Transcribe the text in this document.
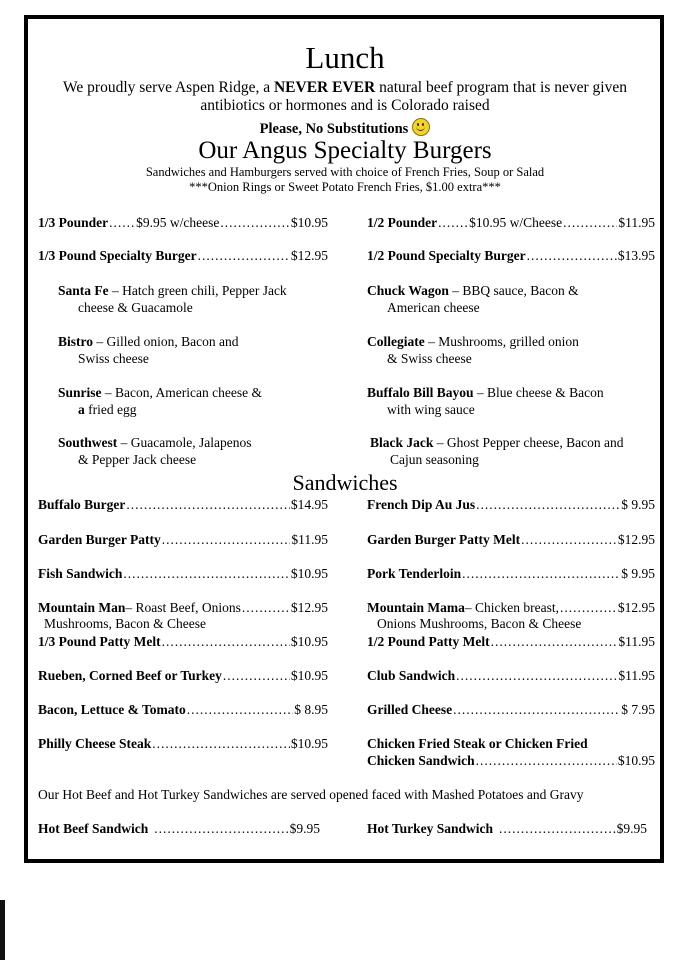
Lunch
We proudly serve Aspen Ridge, a NEVER EVER natural beef program that is never given
antibiotics or hormones and is Colorado raised
Please, No Substitutions
Our Angus Specialty Burgers
Sandwiches and Hamburgers served with choice of French Fries, Soup or Salad
***Onion Rings or Sweet Potato French Fries, $1.00 extra***
1/3 Pounder ..... $9.95 w/cheese .....	$10.95	1/2 Pounder ..... $10.95 w/Cheese .....	$11.95
1/3 Pound Specialty Burger .....	$12.95	1/2 Pound Specialty Burger .....	$13.95
Santa Fe – Hatch green chili, Pepper Jack
cheese & Guacamole
Chuck Wagon – BBQ sauce, Bacon &
American cheese
Bistro – Gilled onion, Bacon and
Swiss cheese
Collegiate – Mushrooms, grilled onion
& Swiss cheese
Sunrise – Bacon, American cheese &
a fried egg
Buffalo Bill Bayou – Blue cheese & Bacon
with wing sauce
Southwest – Guacamole, Jalapenos
& Pepper Jack cheese
Black Jack – Ghost Pepper cheese, Bacon and
Cajun seasoning
Sandwiches
Buffalo Burger .....	$14.95
Garden Burger Patty .....	$11.95
Fish Sandwich .....	$10.95
Mountain Man – Roast Beef, Onions .....	$12.95
Mushrooms, Bacon & Cheese
1/3 Pound Patty Melt .....	$10.95
Rueben, Corned Beef or Turkey .....	$10.95
Bacon, Lettuce & Tomato .....	$ 8.95
Philly Cheese Steak .....	$10.95
French Dip Au Jus .....	$ 9.95
Garden Burger Patty Melt .....	$12.95
Pork Tenderloin .....	$ 9.95
Mountain Mama – Chicken breast, .....	$12.95
Onions Mushrooms, Bacon & Cheese
1/2 Pound Patty Melt .....	$11.95
Club Sandwich .....	$11.95
Grilled Cheese .....	$ 7.95
Chicken Fried Steak or Chicken Fried
Chicken Sandwich .....	$10.95
Our Hot Beef and Hot Turkey Sandwiches are served opened faced with Mashed Potatoes and Gravy
Hot Beef Sandwich .....	$9.95	Hot Turkey Sandwich .....	$9.95
